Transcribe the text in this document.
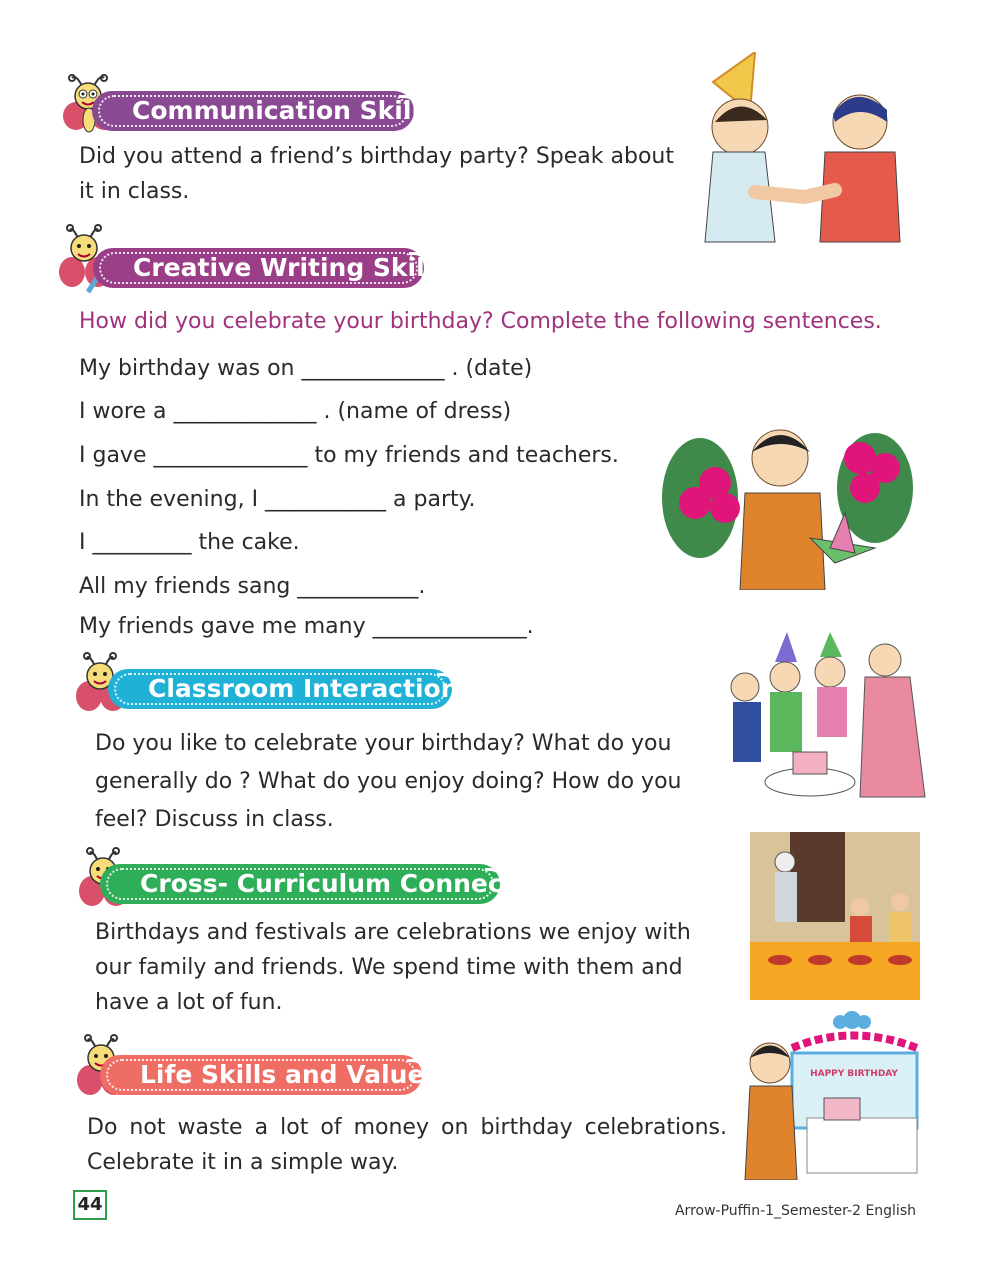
Communication Skills
Did you attend a friend’s birthday party? Speak about it in class.
Creative Writing Skills
How did you celebrate your birthday? Complete the following sentences.
My birthday was on _____________ . (date)
I wore a _____________ . (name of dress)
I gave ______________ to my friends and teachers.
In the evening, I ___________ a party.
I _________ the cake.
All my friends sang ___________.
My friends gave me many ______________.
Classroom Interaction
Do you like to celebrate your birthday? What do you generally do ? What do you enjoy doing? How do you feel? Discuss in class.
Cross- Curriculum Connect
Birthdays and festivals are celebrations we enjoy with our family and friends. We spend time with them and have a lot of fun.
Life Skills and Values
Do not waste a lot of money on birthday celebrations. Celebrate it in a simple way.
HAPPY BIRTHDAY
44	Arrow-Puffin-1_Semester-2 English
